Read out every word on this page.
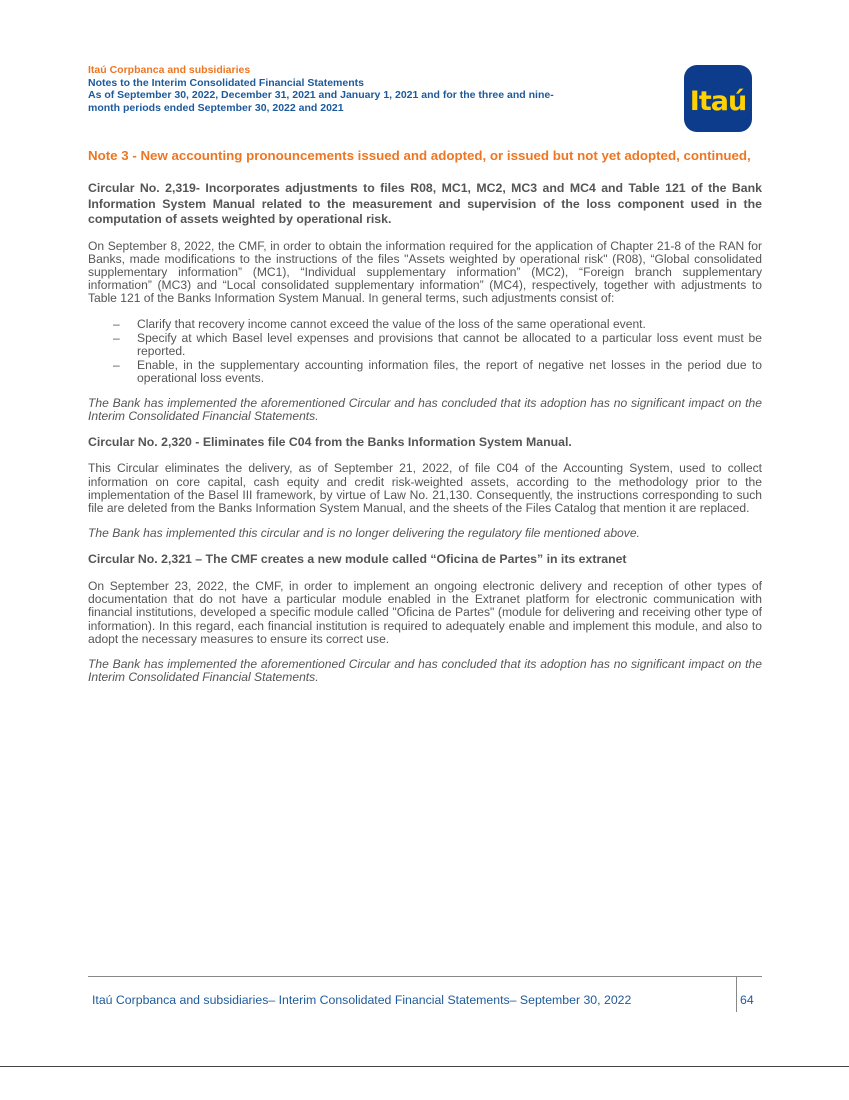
Itaú Corpbanca and subsidiaries
Notes to the Interim Consolidated Financial Statements
As of September 30, 2022, December 31, 2021 and January 1, 2021 and for the three and nine-
month periods ended September 30, 2022 and 2021	Itaú
Note 3 - New accounting pronouncements issued and adopted, or issued but not yet adopted, continued,
Circular No. 2,319- Incorporates adjustments to files R08, MC1, MC2, MC3 and MC4 and Table 121 of the Bank Information System Manual related to the measurement and supervision of the loss component used in the computation of assets weighted by operational risk.

On September 8, 2022, the CMF, in order to obtain the information required for the application of Chapter 21-8 of the RAN for Banks, made modifications to the instructions of the files "Assets weighted by operational risk" (R08), “Global consolidated supplementary information” (MC1), “Individual supplementary information” (MC2), “Foreign branch supplementary information” (MC3) and “Local consolidated supplementary information” (MC4), respectively, together with adjustments to Table 121 of the Banks Information System Manual. In general terms, such adjustments consist of:

– Clarify that recovery income cannot exceed the value of the loss of the same operational event.
– Specify at which Basel level expenses and provisions that cannot be allocated to a particular loss event must be reported.
– Enable, in the supplementary accounting information files, the report of negative net losses in the period due to operational loss events.

The Bank has implemented the aforementioned Circular and has concluded that its adoption has no significant impact on the Interim Consolidated Financial Statements.

Circular No. 2,320 - Eliminates file C04 from the Banks Information System Manual.

This Circular eliminates the delivery, as of September 21, 2022, of file C04 of the Accounting System, used to collect information on core capital, cash equity and credit risk-weighted assets, according to the methodology prior to the implementation of the Basel III framework, by virtue of Law No. 21,130. Consequently, the instructions corresponding to such file are deleted from the Banks Information System Manual, and the sheets of the Files Catalog that mention it are replaced.

The Bank has implemented this circular and is no longer delivering the regulatory file mentioned above.

Circular No. 2,321 – The CMF creates a new module called “Oficina de Partes” in its extranet

On September 23, 2022, the CMF, in order to implement an ongoing electronic delivery and reception of other types of documentation that do not have a particular module enabled in the Extranet platform for electronic communication with financial institutions, developed a specific module called "Oficina de Partes" (module for delivering and receiving other type of information). In this regard, each financial institution is required to adequately enable and implement this module, and also to adopt the necessary measures to ensure its correct use.

The Bank has implemented the aforementioned Circular and has concluded that its adoption has no significant impact on the Interim Consolidated Financial Statements.

Itaú Corpbanca and subsidiaries– Interim Consolidated Financial Statements– September 30, 2022	64
